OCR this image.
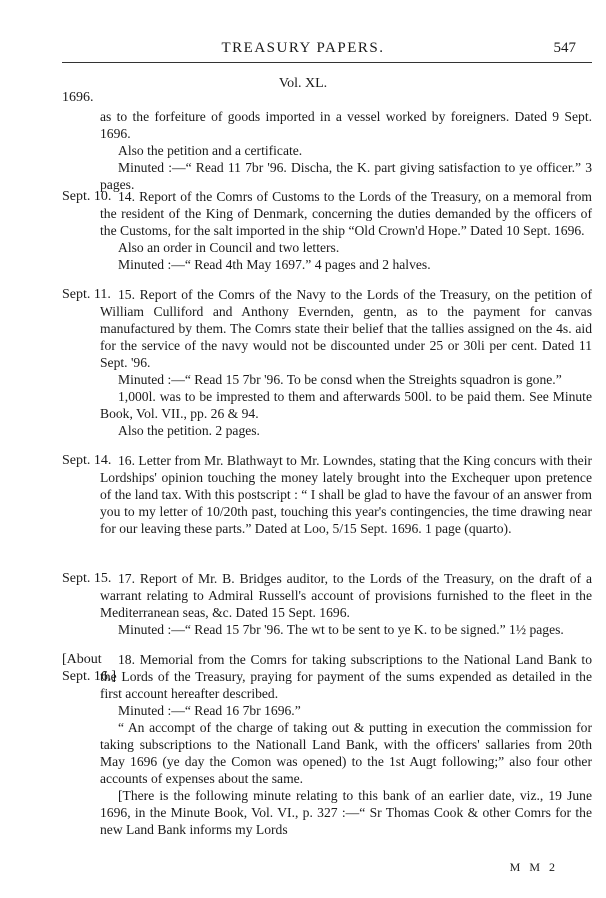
TREASURY PAPERS.	547
Vol. XL.
1696.
Sept. 10.
Sept. 11.
Sept. 14.
Sept. 15.
[About
Sept. 16.]

as to the forfeiture of goods imported in a vessel worked by foreigners. Dated 9 Sept. 1696.

Also the petition and a certificate.

Minuted :—“ Read 11 7br '96. Discha, the K. part giving satisfaction to ye officer.” 3 pages.

14. Report of the Comrs of Customs to the Lords of the Treasury, on a memoral from the resident of the King of Denmark, concerning the duties demanded by the officers of the Customs, for the salt imported in the ship “Old Crown'd Hope.” Dated 10 Sept. 1696.

Also an order in Council and two letters.

Minuted :—“ Read 4th May 1697.” 4 pages and 2 halves.

15. Report of the Comrs of the Navy to the Lords of the Treasury, on the petition of William Culliford and Anthony Evernden, gentn, as to the payment for canvas manufactured by them. The Comrs state their belief that the tallies assigned on the 4s. aid for the service of the navy would not be discounted under 25 or 30li per cent. Dated 11 Sept. '96.

Minuted :—“ Read 15 7br '96. To be consd when the Streights squadron is gone.”

1,000l. was to be imprested to them and afterwards 500l. to be paid them. See Minute Book, Vol. VII., pp. 26 & 94.

Also the petition. 2 pages.

16. Letter from Mr. Blathwayt to Mr. Lowndes, stating that the King concurs with their Lordships' opinion touching the money lately brought into the Exchequer upon pretence of the land tax. With this postscript : “ I shall be glad to have the favour of an answer from you to my letter of 10/20th past, touching this year's contingencies, the time drawing near for our leaving these parts.” Dated at Loo, 5/15 Sept. 1696. 1 page (quarto).

17. Report of Mr. B. Bridges auditor, to the Lords of the Treasury, on the draft of a warrant relating to Admiral Russell's account of provisions furnished to the fleet in the Mediterranean seas, &c. Dated 15 Sept. 1696.

Minuted :—“ Read 15 7br '96. The wt to be sent to ye K. to be signed.” 1½ pages.

18. Memorial from the Comrs for taking subscriptions to the National Land Bank to the Lords of the Treasury, praying for payment of the sums expended as detailed in the first account hereafter described.

Minuted :—“ Read 16 7br 1696.”

“ An accompt of the charge of taking out & putting in execution the commission for taking subscriptions to the Nationall Land Bank, with the officers' sallaries from 20th May 1696 (ye day the Comon was opened) to the 1st Augt following;” also four other accounts of expenses about the same.

[There is the following minute relating to this bank of an earlier date, viz., 19 June 1696, in the Minute Book, Vol. VI., p. 327 :—“ Sr Thomas Cook & other Comrs for the new Land Bank informs my Lords

M M 2
